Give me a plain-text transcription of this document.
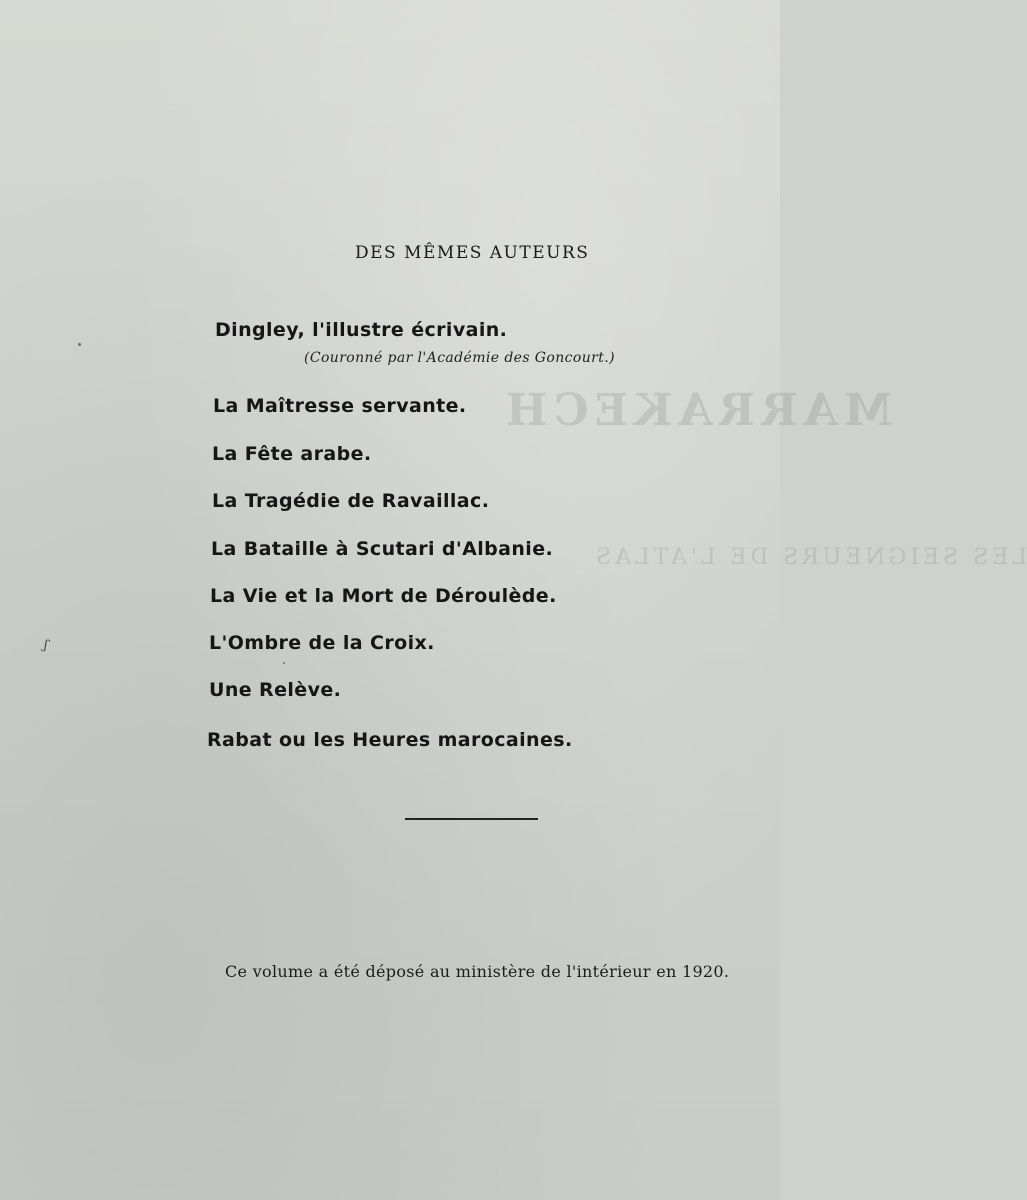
MARRAKECH
LES SEIGNEURS DE L'ATLAS
DES MÊMES AUTEURS
Dingley, l'illustre écrivain.
(Couronné par l'Académie des Goncourt.)
La Maîtresse servante.
La Fête arabe.
La Tragédie de Ravaillac.
La Bataille à Scutari d'Albanie.
La Vie et la Mort de Déroulède.
L'Ombre de la Croix.
Une Relève.
Rabat ou les Heures marocaines.
Ce volume a été déposé au ministère de l'intérieur en 1920.
ʃ
